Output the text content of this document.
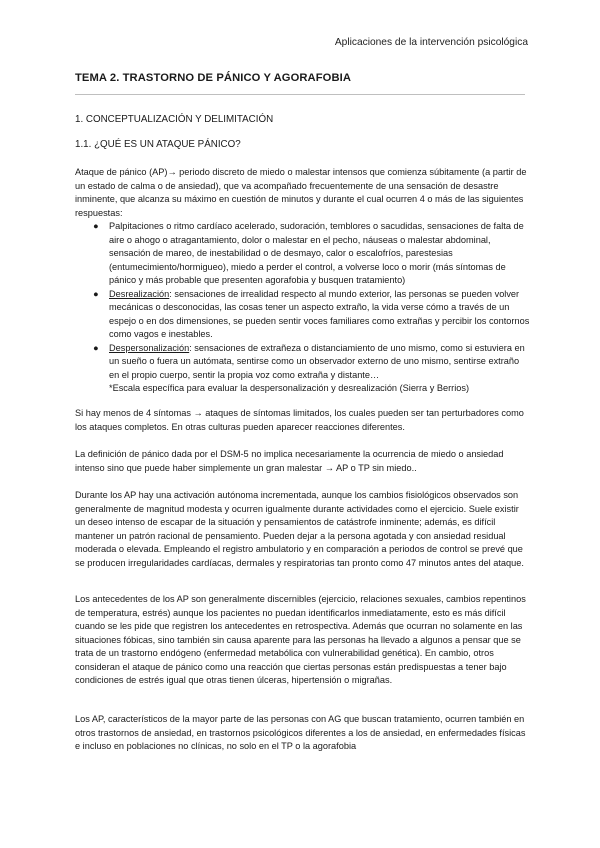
Aplicaciones de la intervención psicológica
TEMA 2. TRASTORNO DE PÁNICO Y AGORAFOBIA
1. CONCEPTUALIZACIÓN Y DELIMITACIÓN
1.1. ¿QUÉ ES UN ATAQUE PÁNICO?

Ataque de pánico (AP)→ periodo discreto de miedo o malestar intensos que comienza súbitamente (a partir de un estado de calma o de ansiedad), que va acompañado frecuentemente de una sensación de desastre inminente, que alcanza su máximo en cuestión de minutos y durante el cual ocurren 4 o más de las siguientes respuestas:

● Palpitaciones o ritmo cardíaco acelerado, sudoración, temblores o sacudidas, sensaciones de falta de aire o ahogo o atragantamiento, dolor o malestar en el pecho, náuseas o malestar abdominal, sensación de mareo, de inestabilidad o de desmayo, calor o escalofríos, parestesias (entumecimiento/hormigueo), miedo a perder el control, a volverse loco o morir (más síntomas de pánico y más probable que presenten agorafobia y busquen tratamiento)
● Desrealización: sensaciones de irrealidad respecto al mundo exterior, las personas se pueden volver mecánicas o desconocidas, las cosas tener un aspecto extraño, la vida verse cómo a través de un espejo o en dos dimensiones, se pueden sentir voces familiares como extrañas y percibir los contornos como vagos e inestables.
● Despersonalización: sensaciones de extrañeza o distanciamiento de uno mismo, como si estuviera en un sueño o fuera un autómata, sentirse como un observador externo de uno mismo, sentirse extraño en el propio cuerpo, sentir la propia voz como extraña y distante…
*Escala específica para evaluar la despersonalización y desrealización (Sierra y Berrios)

Si hay menos de 4 síntomas → ataques de síntomas limitados, los cuales pueden ser tan perturbadores como los ataques completos. En otras culturas pueden aparecer reacciones diferentes.

La definición de pánico dada por el DSM-5 no implica necesariamente la ocurrencia de miedo o ansiedad intenso sino que puede haber simplemente un gran malestar → AP o TP sin miedo..

Durante los AP hay una activación autónoma incrementada, aunque los cambios fisiológicos observados son generalmente de magnitud modesta y ocurren igualmente durante actividades como el ejercicio. Suele existir un deseo intenso de escapar de la situación y pensamientos de catástrofe inminente; además, es difícil mantener un patrón racional de pensamiento. Pueden dejar a la persona agotada y con ansiedad residual moderada o elevada. Empleando el registro ambulatorio y en comparación a periodos de control se prevé que se producen irregularidades cardíacas, dermales y respiratorias tan pronto como 47 minutos antes del ataque.

Los antecedentes de los AP son generalmente discernibles (ejercicio, relaciones sexuales, cambios repentinos de temperatura, estrés) aunque los pacientes no puedan identificarlos inmediatamente, esto es más difícil cuando se les pide que registren los antecedentes en retrospectiva. Además que ocurran no solamente en las situaciones fóbicas, sino también sin causa aparente para las personas ha llevado a algunos a pensar que se trata de un trastorno endógeno (enfermedad metabólica con vulnerabilidad genética). En cambio, otros consideran el ataque de pánico como una reacción que ciertas personas están predispuestas a tener bajo condiciones de estrés igual que otras tienen úlceras, hipertensión o migrañas.

Los AP, característicos de la mayor parte de las personas con AG que buscan tratamiento, ocurren también en otros trastornos de ansiedad, en trastornos psicológicos diferentes a los de ansiedad, en enfermedades físicas e incluso en poblaciones no clínicas, no solo en el TP o la agorafobia
